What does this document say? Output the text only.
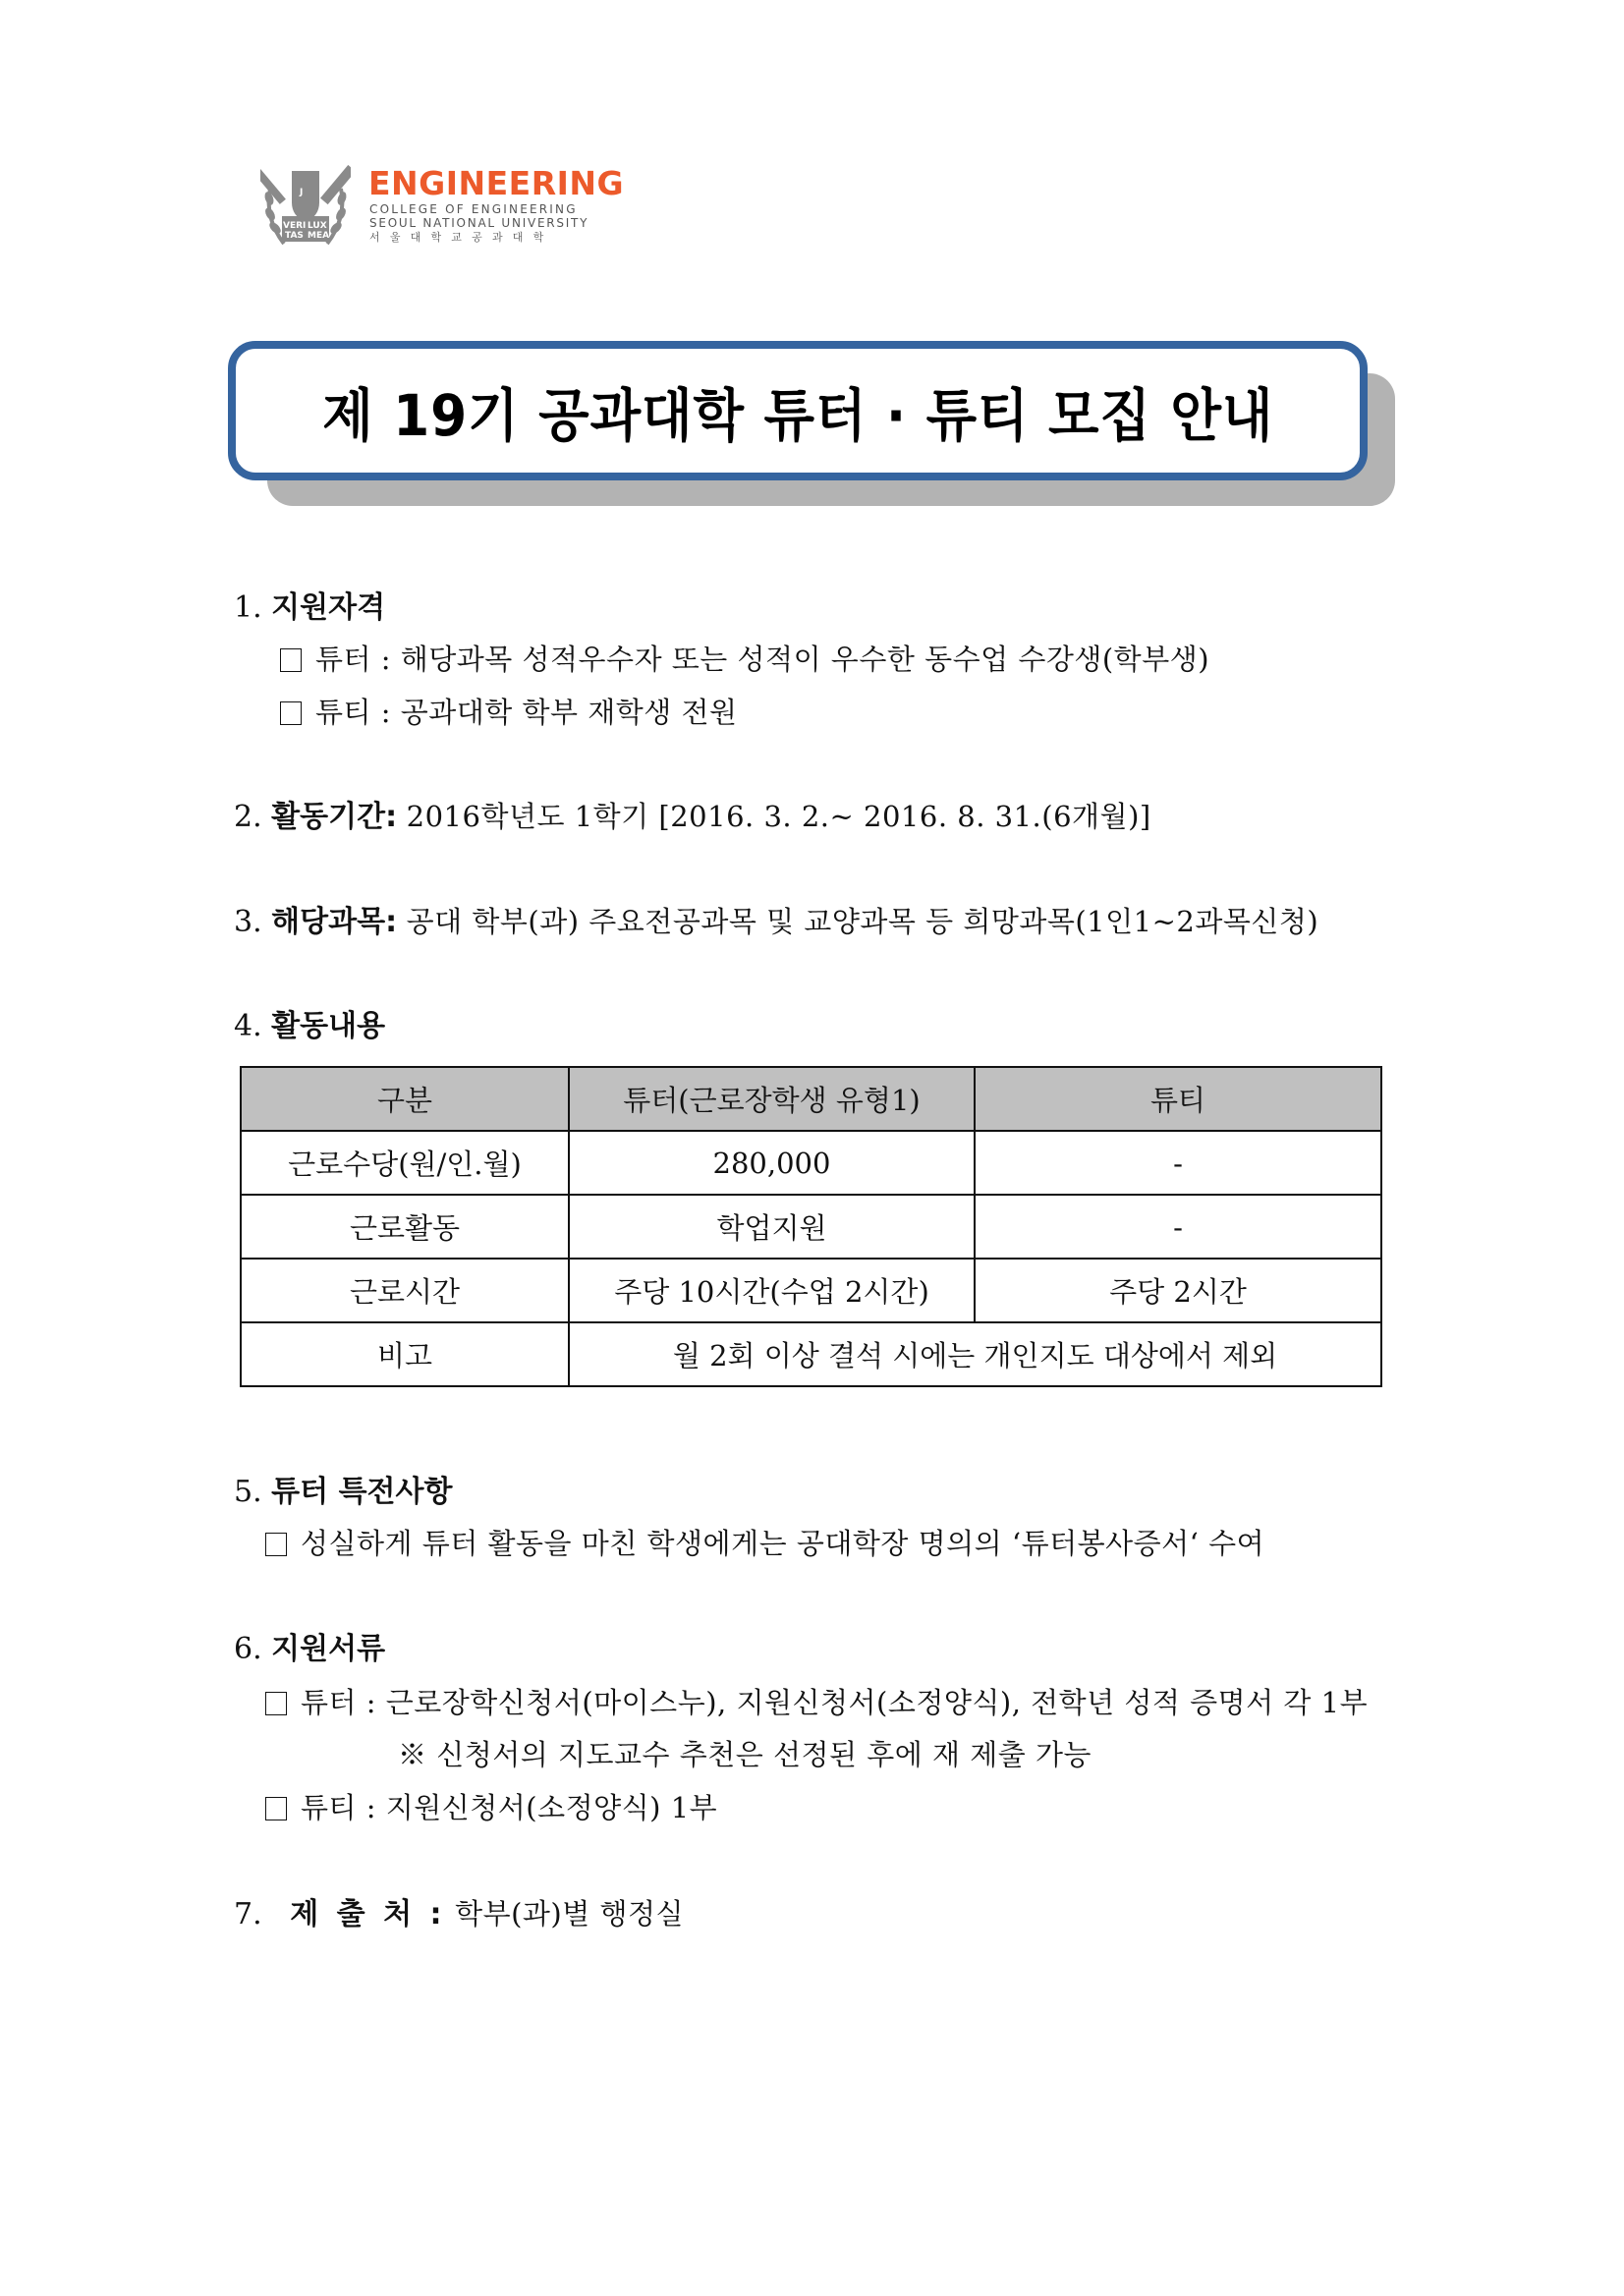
J
VERI LUX
TAS MEA
ENGINEERING
COLLEGE OF ENGINEERING
SEOUL NATIONAL UNIVERSITY
서울대학교공과대학
제 19기 공과대학 튜터 · 튜티 모집 안내
1. 지원자격
튜터 : 해당과목 성적우수자 또는 성적이 우수한 동수업 수강생(학부생)
튜티 : 공과대학 학부 재학생 전원
2. 활동기간: 2016학년도 1학기 [2016. 3. 2.~ 2016. 8. 31.(6개월)]
3. 해당과목: 공대 학부(과) 주요전공과목 및 교양과목 등 희망과목(1인1~2과목신청)
4. 활동내용
구분	튜터(근로장학생 유형1)	튜티
근로수당(원/인.월)	280,000	-
근로활동	학업지원	-
근로시간	주당 10시간(수업 2시간)	주당 2시간
비고	월 2회 이상 결석 시에는 개인지도 대상에서 제외	
5. 튜터 특전사항
성실하게 튜터 활동을 마친 학생에게는 공대학장 명의의 ‘튜터봉사증서‘ 수여
6. 지원서류
튜터 : 근로장학신청서(마이스누), 지원신청서(소정양식), 전학년 성적 증명서 각 1부
※ 신청서의 지도교수 추천은 선정된 후에 재 제출 가능
튜티 : 지원신청서(소정양식) 1부
7. 제 출 처 : 학부(과)별 행정실
